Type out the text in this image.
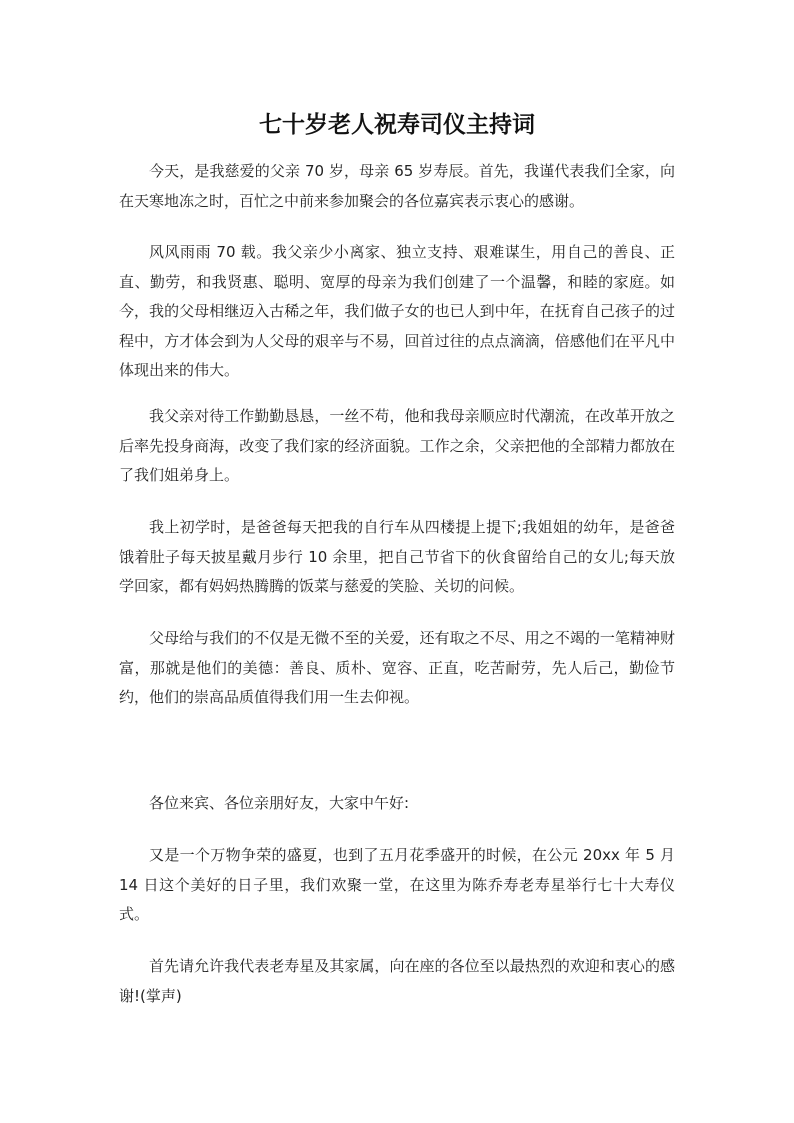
七十岁老人祝寿司仪主持词

今天，是我慈爱的父亲 70 岁，母亲 65 岁寿辰。首先，我谨代表我们全家，向在天寒地冻之时，百忙之中前来参加聚会的各位嘉宾表示衷心的感谢。

风风雨雨 70 载。我父亲少小离家、独立支持、艰难谋生，用自己的善良、正直、勤劳，和我贤惠、聪明、宽厚的母亲为我们创建了一个温馨，和睦的家庭。如今，我的父母相继迈入古稀之年，我们做子女的也已人到中年，在抚育自己孩子的过程中，方才体会到为人父母的艰辛与不易，回首过往的点点滴滴，倍感他们在平凡中体现出来的伟大。

我父亲对待工作勤勤恳恳，一丝不苟，他和我母亲顺应时代潮流，在改革开放之后率先投身商海，改变了我们家的经济面貌。工作之余，父亲把他的全部精力都放在了我们姐弟身上。

我上初学时，是爸爸每天把我的自行车从四楼提上提下;我姐姐的幼年，是爸爸饿着肚子每天披星戴月步行 10 余里，把自己节省下的伙食留给自己的女儿;每天放学回家，都有妈妈热腾腾的饭菜与慈爱的笑脸、关切的问候。

父母给与我们的不仅是无微不至的关爱，还有取之不尽、用之不竭的一笔精神财富，那就是他们的美德：善良、质朴、宽容、正直，吃苦耐劳，先人后己，勤俭节约，他们的崇高品质值得我们用一生去仰视。

各位来宾、各位亲朋好友，大家中午好:

又是一个万物争荣的盛夏，也到了五月花季盛开的时候，在公元 20xx 年 5 月 14 日这个美好的日子里，我们欢聚一堂，在这里为陈乔寿老寿星举行七十大寿仪式。

首先请允许我代表老寿星及其家属，向在座的各位至以最热烈的欢迎和衷心的感谢!(掌声)
